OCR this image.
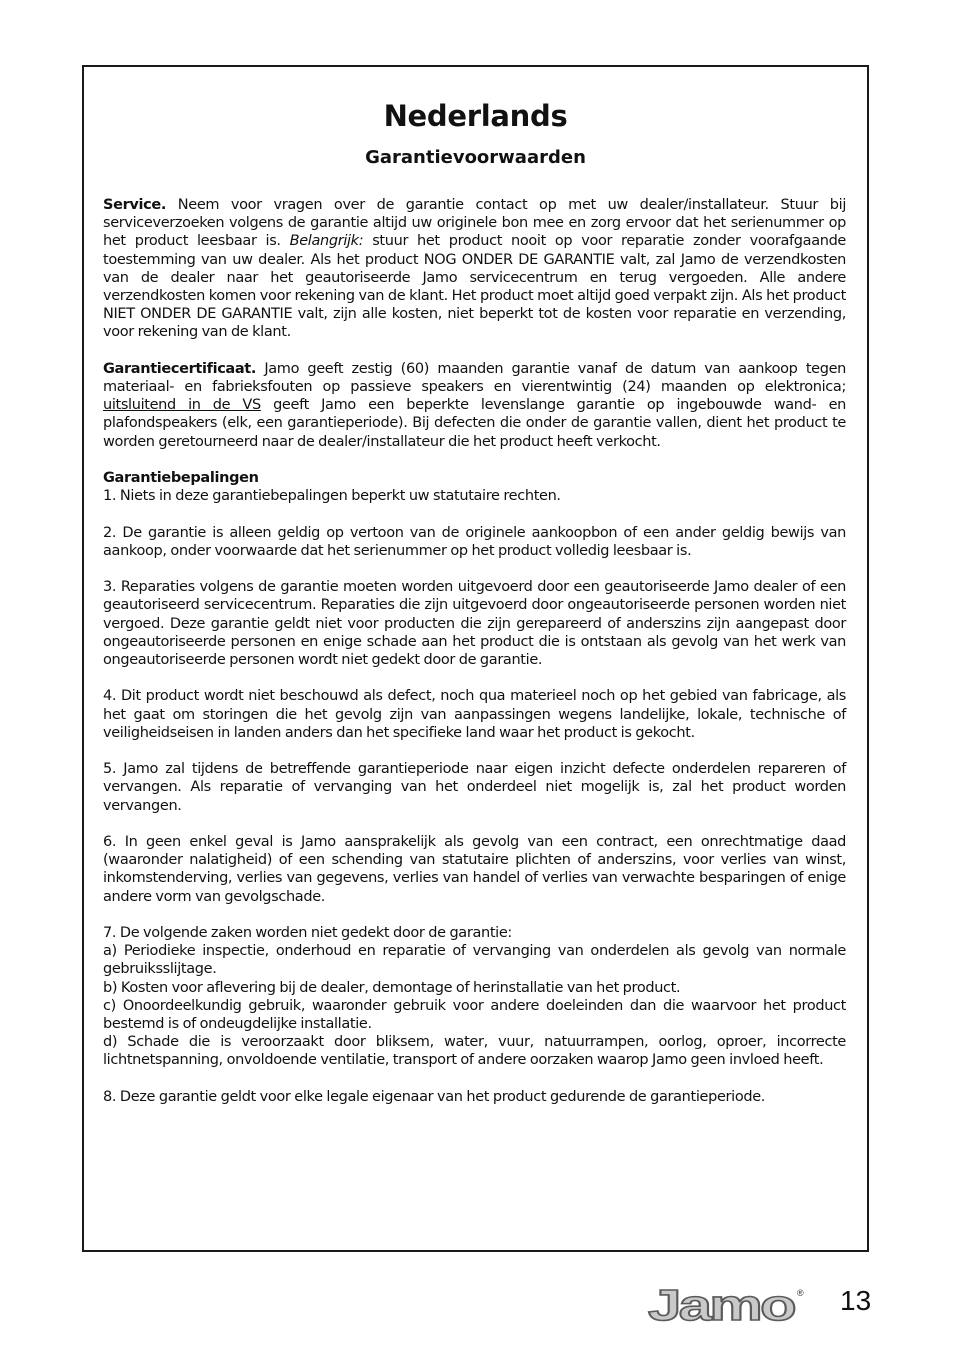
Nederlands
Garantievoorwaarden

Service. Neem voor vragen over de garantie contact op met uw dealer/installateur. Stuur bij serviceverzoeken volgens de garantie altijd uw originele bon mee en zorg ervoor dat het serienummer op het product leesbaar is. Belangrijk: stuur het product nooit op voor reparatie zonder voorafgaande toestemming van uw dealer. Als het product NOG ONDER DE GARANTIE valt, zal Jamo de verzendkosten van de dealer naar het geautoriseerde Jamo servicecentrum en terug vergoeden. Alle andere verzendkosten komen voor rekening van de klant. Het product moet altijd goed verpakt zijn. Als het product NIET ONDER DE GARANTIE valt, zijn alle kosten, niet beperkt tot de kosten voor reparatie en verzending, voor rekening van de klant.

Garantiecertificaat. Jamo geeft zestig (60) maanden garantie vanaf de datum van aankoop tegen materiaal- en fabrieksfouten op passieve speakers en vierentwintig (24) maanden op elektronica; uitsluitend in de VS geeft Jamo een beperkte levenslange garantie op ingebouwde wand- en plafondspeakers (elk, een garantieperiode). Bij defecten die onder de garantie vallen, dient het product te worden geretourneerd naar de dealer/installateur die het product heeft verkocht.

Garantiebepalingen

1. Niets in deze garantiebepalingen beperkt uw statutaire rechten.

2. De garantie is alleen geldig op vertoon van de originele aankoopbon of een ander geldig bewijs van aankoop, onder voorwaarde dat het serienummer op het product volledig leesbaar is.

3. Reparaties volgens de garantie moeten worden uitgevoerd door een geautoriseerde Jamo dealer of een geautoriseerd servicecentrum. Reparaties die zijn uitgevoerd door ongeautoriseerde personen worden niet vergoed. Deze garantie geldt niet voor producten die zijn gerepareerd of anderszins zijn aangepast door ongeautoriseerde personen en enige schade aan het product die is ontstaan als gevolg van het werk van ongeautoriseerde personen wordt niet gedekt door de garantie.

4. Dit product wordt niet beschouwd als defect, noch qua materieel noch op het gebied van fabricage, als het gaat om storingen die het gevolg zijn van aanpassingen wegens landelijke, lokale, technische of veiligheidseisen in landen anders dan het specifieke land waar het product is gekocht.

5. Jamo zal tijdens de betreffende garantieperiode naar eigen inzicht defecte onderdelen repareren of vervangen. Als reparatie of vervanging van het onderdeel niet mogelijk is, zal het product worden vervangen.

6. In geen enkel geval is Jamo aansprakelijk als gevolg van een contract, een onrechtmatige daad (waaronder nalatigheid) of een schending van statutaire plichten of anderszins, voor verlies van winst, inkomstenderving, verlies van gegevens, verlies van handel of verlies van verwachte besparingen of enige andere vorm van gevolgschade.

7. De volgende zaken worden niet gedekt door de garantie:

a) Periodieke inspectie, onderhoud en reparatie of vervanging van onderdelen als gevolg van normale gebruiksslijtage.

b) Kosten voor aflevering bij de dealer, demontage of herinstallatie van het product.

c) Onoordeelkundig gebruik, waaronder gebruik voor andere doeleinden dan die waarvoor het product bestemd is of ondeugdelijke installatie.

d) Schade die is veroorzaakt door bliksem, water, vuur, natuurrampen, oorlog, oproer, incorrecte lichtnetspanning, onvoldoende ventilatie, transport of andere oorzaken waarop Jamo geen invloed heeft.

8. Deze garantie geldt voor elke legale eigenaar van het product gedurende de garantieperiode.

Jamo ® 13
